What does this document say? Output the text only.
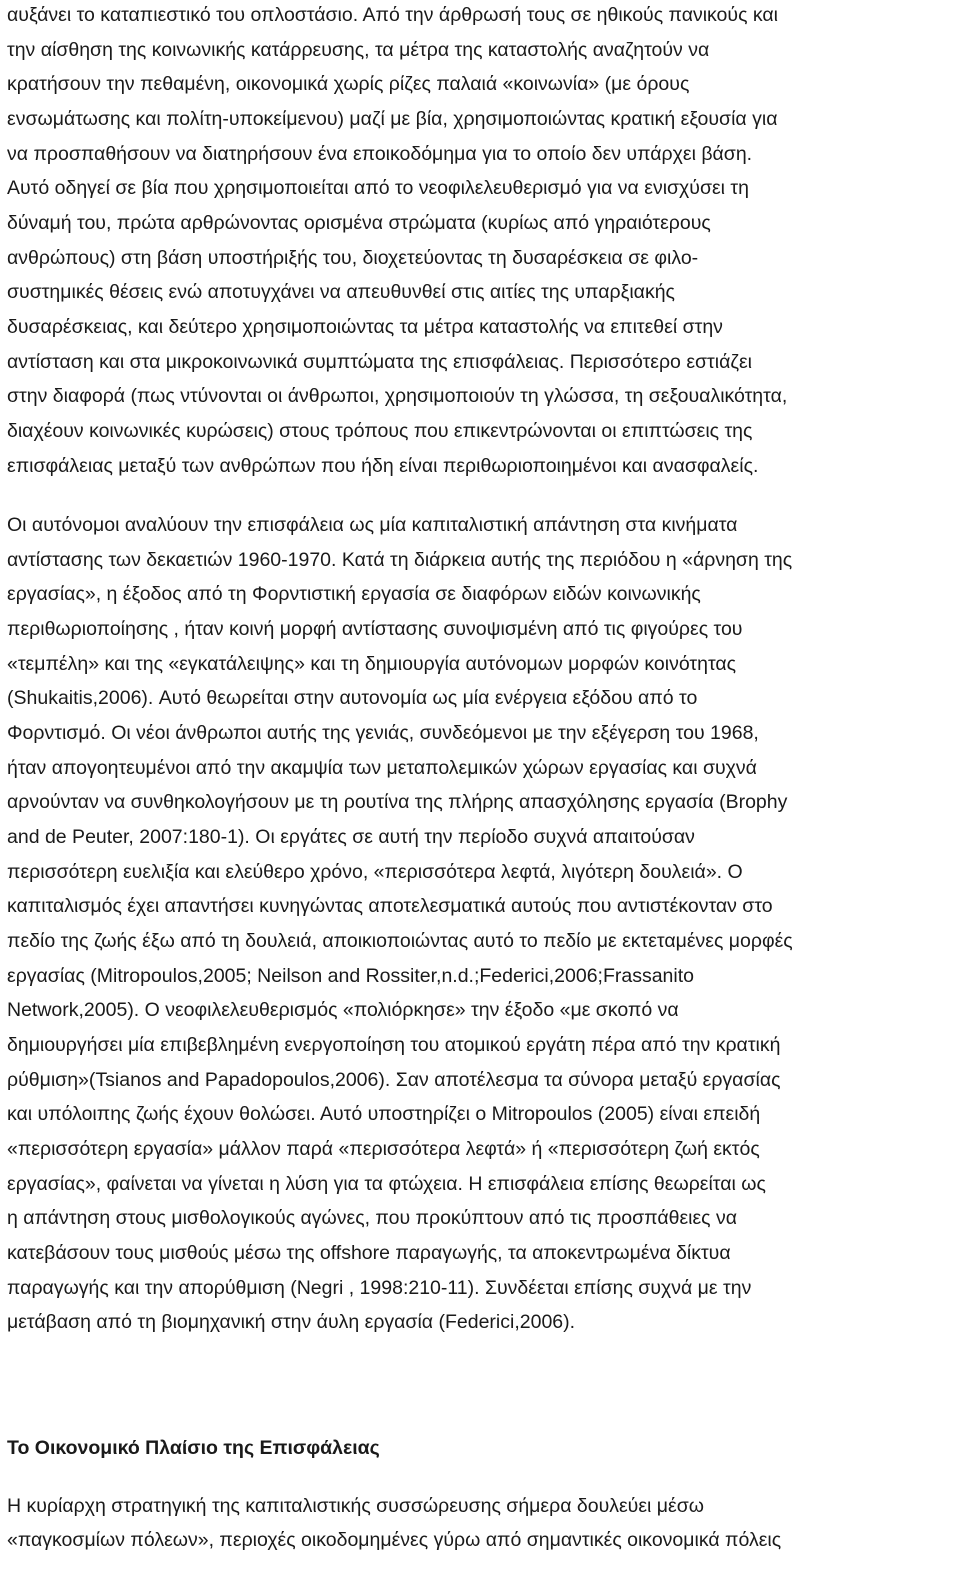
αυξάνει το καταπιεστικό του οπλοστάσιο. Από την άρθρωσή τους σε ηθικούς πανικούς και
την αίσθηση της κοινωνικής κατάρρευσης, τα μέτρα της καταστολής αναζητούν να
κρατήσουν την πεθαμένη, οικονομικά χωρίς ρίζες παλαιά «κοινωνία» (με όρους
ενσωμάτωσης και πολίτη-υποκείμενου) μαζί με βία, χρησιμοποιώντας κρατική εξουσία για
να προσπαθήσουν να διατηρήσουν ένα εποικοδόμημα για το οποίο δεν υπάρχει βάση.
Αυτό οδηγεί σε βία που χρησιμοποιείται από το νεοφιλελευθερισμό για να ενισχύσει τη
δύναμή του, πρώτα αρθρώνοντας ορισμένα στρώματα (κυρίως από γηραιότερους
ανθρώπους) στη βάση υποστήριξής του, διοχετεύοντας τη δυσαρέσκεια σε φιλο-
συστημικές θέσεις ενώ αποτυγχάνει να απευθυνθεί στις αιτίες της υπαρξιακής
δυσαρέσκειας, και δεύτερο χρησιμοποιώντας τα μέτρα καταστολής να επιτεθεί στην
αντίσταση και στα μικροκοινωνικά συμπτώματα της επισφάλειας. Περισσότερο εστιάζει
στην διαφορά (πως ντύνονται οι άνθρωποι, χρησιμοποιούν τη γλώσσα, τη σεξουαλικότητα,
διαχέουν κοινωνικές κυρώσεις) στους τρόπους που επικεντρώνονται οι επιπτώσεις της
επισφάλειας μεταξύ των ανθρώπων που ήδη είναι περιθωριοποιημένοι και ανασφαλείς.
Οι αυτόνομοι αναλύουν την επισφάλεια ως μία καπιταλιστική απάντηση στα κινήματα
αντίστασης των δεκαετιών 1960-1970. Κατά τη διάρκεια αυτής της περιόδου η «άρνηση της
εργασίας», η έξοδος από τη Φορντιστική εργασία σε διαφόρων ειδών κοινωνικής
περιθωριοποίησης , ήταν κοινή μορφή αντίστασης συνοψισμένη από τις φιγούρες του
«τεμπέλη» και της «εγκατάλειψης» και τη δημιουργία αυτόνομων μορφών κοινότητας
(Shukaitis,2006). Αυτό θεωρείται στην αυτονομία ως μία ενέργεια εξόδου από το
Φορντισμό. Οι νέοι άνθρωποι αυτής της γενιάς, συνδεόμενοι με την εξέγερση του 1968,
ήταν απογοητευμένοι από την ακαμψία των μεταπολεμικών χώρων εργασίας και συχνά
αρνούνταν να συνθηκολογήσουν με τη ρουτίνα της πλήρης απασχόλησης εργασία (Brophy
and de Peuter, 2007:180-1). Οι εργάτες σε αυτή την περίοδο συχνά απαιτούσαν
περισσότερη ευελιξία και ελεύθερο χρόνο, «περισσότερα λεφτά, λιγότερη δουλειά». Ο
καπιταλισμός έχει απαντήσει κυνηγώντας αποτελεσματικά αυτούς που αντιστέκονταν στο
πεδίο της ζωής έξω από τη δουλειά, αποικιοποιώντας αυτό το πεδίο με εκτεταμένες μορφές
εργασίας (Mitropoulos,2005; Neilson and Rossiter,n.d.;Federici,2006;Frassanito
Network,2005). Ο νεοφιλελευθερισμός «πολιόρκησε» την έξοδο «με σκοπό να
δημιουργήσει μία επιβεβλημένη ενεργοποίηση του ατομικού εργάτη πέρα από την κρατική
ρύθμιση»(Tsianos and Papadopoulos,2006). Σαν αποτέλεσμα τα σύνορα μεταξύ εργασίας
και υπόλοιπης ζωής έχουν θολώσει. Αυτό υποστηρίζει ο Mitropoulos (2005) είναι επειδή
«περισσότερη εργασία» μάλλον παρά «περισσότερα λεφτά» ή «περισσότερη ζωή εκτός
εργασίας», φαίνεται να γίνεται η λύση για τα φτώχεια. Η επισφάλεια επίσης θεωρείται ως
η απάντηση στους μισθολογικούς αγώνες, που προκύπτουν από τις προσπάθειες να
κατεβάσουν τους μισθούς μέσω της offshore παραγωγής, τα αποκεντρωμένα δίκτυα
παραγωγής και την απορύθμιση (Negri , 1998:210-11). Συνδέεται επίσης συχνά με την
μετάβαση από τη βιομηχανική στην άυλη εργασία (Federici,2006).
Το Οικονομικό Πλαίσιο της Επισφάλειας
Η κυρίαρχη στρατηγική της καπιταλιστικής συσσώρευσης σήμερα δουλεύει μέσω
«παγκοσμίων πόλεων», περιοχές οικοδομημένες γύρω από σημαντικές οικονομικά πόλεις
